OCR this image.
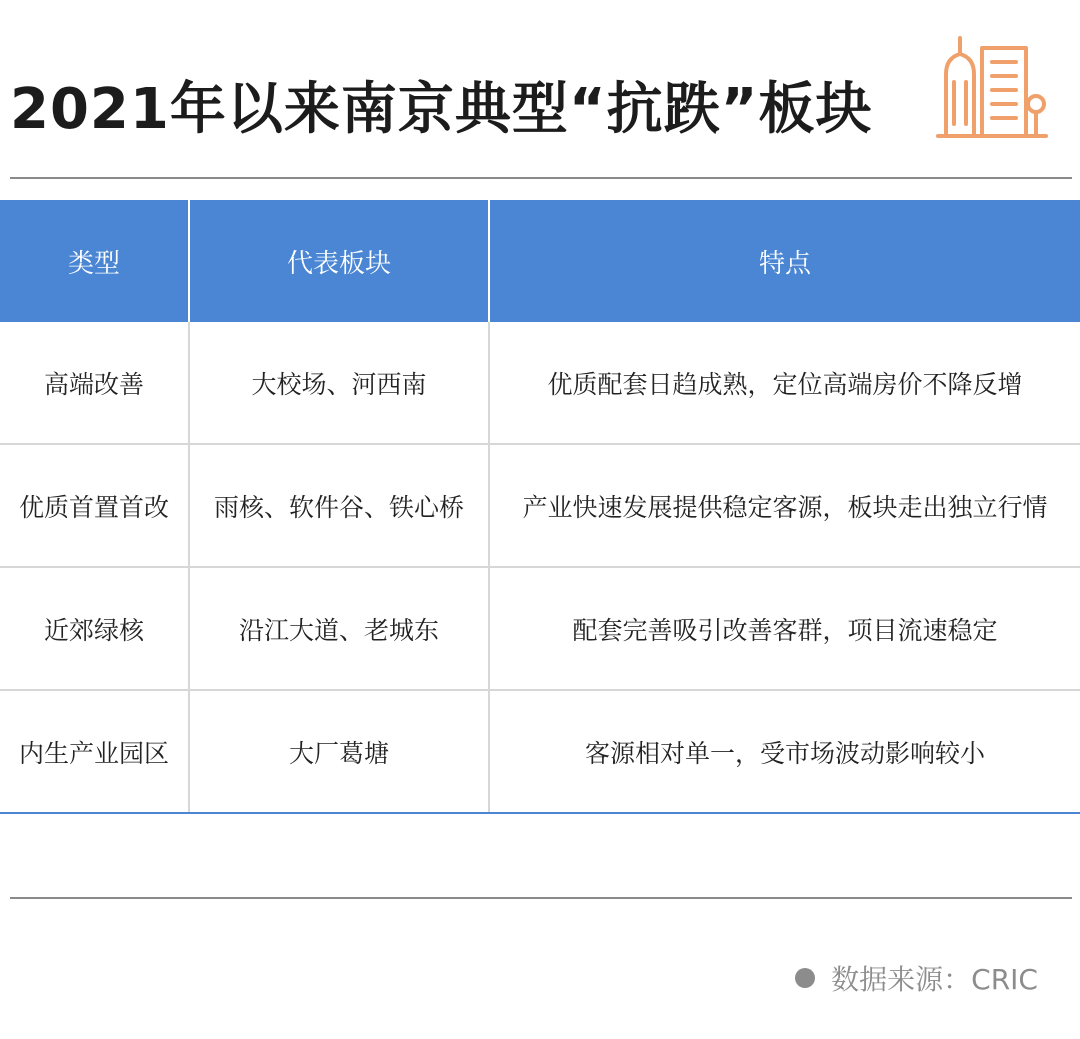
2021年以来南京典型“抗跌”板块
类型	代表板块	特点
高端改善	大校场、河西南	优质配套日趋成熟，定位高端房价不降反增
优质首置首改	雨核、软件谷、铁心桥	产业快速发展提供稳定客源，板块走出独立行情
近郊绿核	沿江大道、老城东	配套完善吸引改善客群，项目流速稳定
内生产业园区	大厂葛塘	客源相对单一，受市场波动影响较小
数据来源：CRIC
